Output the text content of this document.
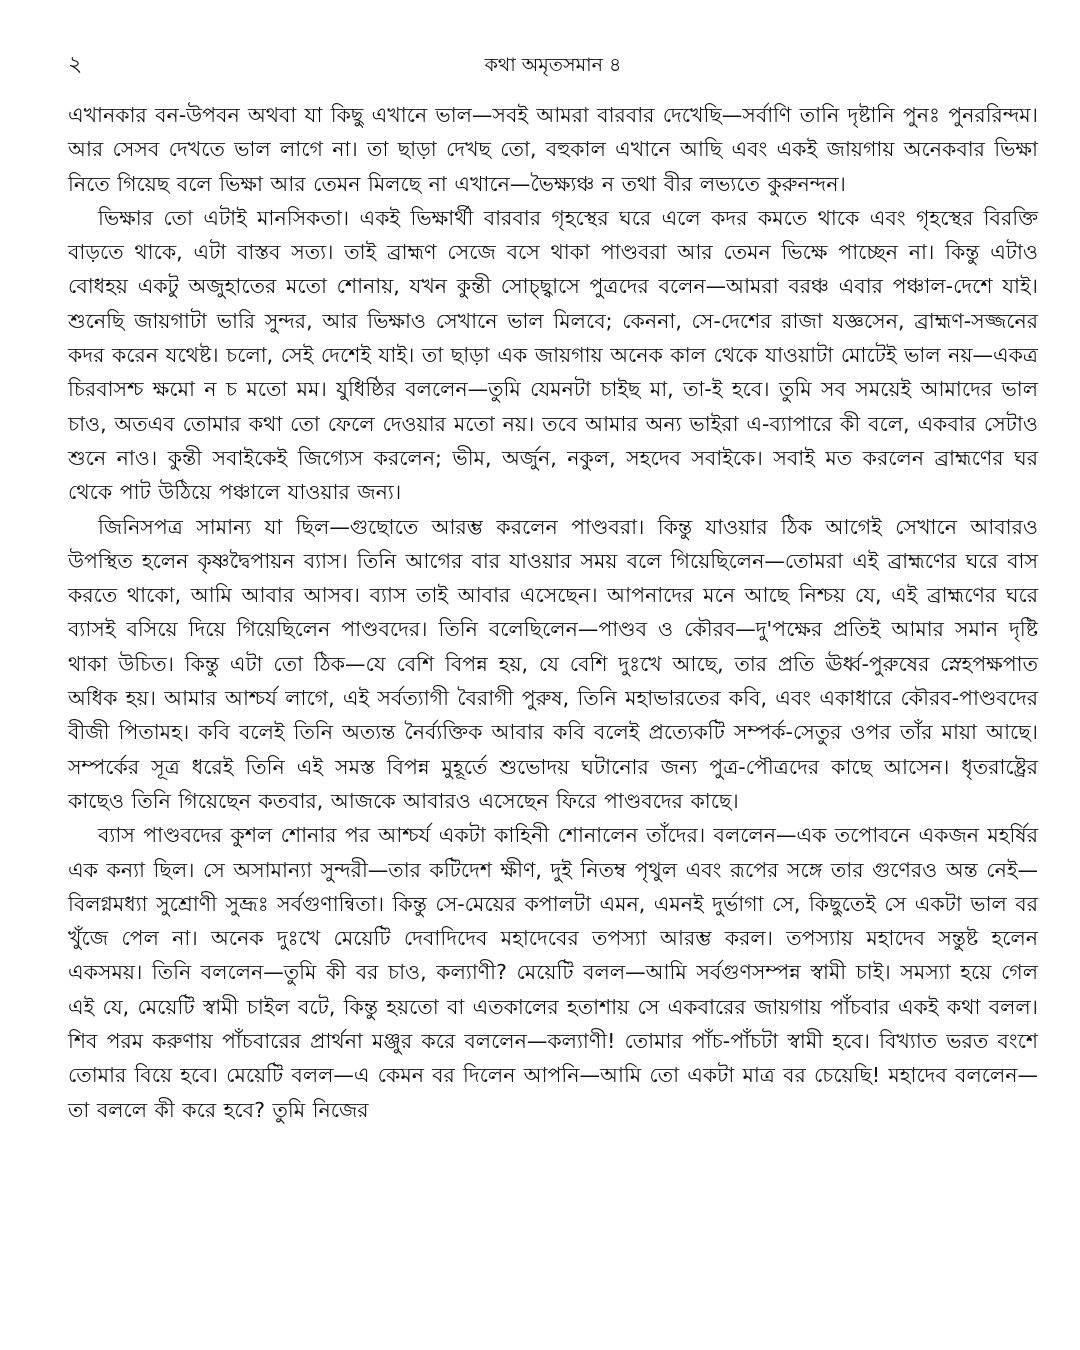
২	কথা অমৃতসমান ৪

এখানকার বন-উপবন অথবা যা কিছু এখানে ভাল—সবই আমরা বারবার দেখেছি—সর্বাণি তানি দৃষ্টানি পুনঃ পুনররিন্দম। আর সেসব দেখতে ভাল লাগে না। তা ছাড়া দেখছ তো, বহুকাল এখানে আছি এবং একই জায়গায় অনেকবার ভিক্ষা নিতে গিয়েছ বলে ভিক্ষা আর তেমন মিলছে না এখানে—ভৈক্ষ্যঞ্চ ন তথা বীর লভ্যতে কুরুনন্দন।

ভিক্ষার তো এটাই মানসিকতা। একই ভিক্ষার্থী বারবার গৃহস্থের ঘরে এলে কদর কমতে থাকে এবং গৃহস্থের বিরক্তি বাড়তে থাকে, এটা বাস্তব সত্য। তাই ব্রাহ্মণ সেজে বসে থাকা পাণ্ডবরা আর তেমন ভিক্ষে পাচ্ছেন না। কিন্তু এটাও বোধহয় একটু অজুহাতের মতো শোনায়, যখন কুন্তী সোচ্ছ্বাসে পুত্রদের বলেন—আমরা বরঞ্চ এবার পঞ্চাল-দেশে যাই। শুনেছি জায়গাটা ভারি সুন্দর, আর ভিক্ষাও সেখানে ভাল মিলবে; কেননা, সে-দেশের রাজা যজ্ঞসেন, ব্রাহ্মণ-সজ্জনের কদর করেন যথেষ্ট। চলো, সেই দেশেই যাই। তা ছাড়া এক জায়গায় অনেক কাল থেকে যাওয়াটা মোটেই ভাল নয়—একত্র চিরবাসশ্চ ক্ষমো ন চ মতো মম। যুধিষ্ঠির বললেন—তুমি যেমনটা চাইছ মা, তা-ই হবে। তুমি সব সময়েই আমাদের ভাল চাও, অতএব তোমার কথা তো ফেলে দেওয়ার মতো নয়। তবে আমার অন্য ভাইরা এ-ব্যাপারে কী বলে, একবার সেটাও শুনে নাও। কুন্তী সবাইকেই জিগ্যেস করলেন; ভীম, অর্জুন, নকুল, সহদেব সবাইকে। সবাই মত করলেন ব্রাহ্মণের ঘর থেকে পাট উঠিয়ে পঞ্চালে যাওয়ার জন্য।

জিনিসপত্র সামান্য যা ছিল—গুছোতে আরম্ভ করলেন পাণ্ডবরা। কিন্তু যাওয়ার ঠিক আগেই সেখানে আবারও উপস্থিত হলেন কৃষ্ণদ্বৈপায়ন ব্যাস। তিনি আগের বার যাওয়ার সময় বলে গিয়েছিলেন—তোমরা এই ব্রাহ্মণের ঘরে বাস করতে থাকো, আমি আবার আসব। ব্যাস তাই আবার এসেছেন। আপনাদের মনে আছে নিশ্চয় যে, এই ব্রাহ্মণের ঘরে ব্যাসই বসিয়ে দিয়ে গিয়েছিলেন পাণ্ডবদের। তিনি বলেছিলেন—পাণ্ডব ও কৌরব—দু'পক্ষের প্রতিই আমার সমান দৃষ্টি থাকা উচিত। কিন্তু এটা তো ঠিক—যে বেশি বিপন্ন হয়, যে বেশি দুঃখে আছে, তার প্রতি ঊর্ধ্ব-পুরুষের স্নেহপক্ষপাত অধিক হয়। আমার আশ্চর্য লাগে, এই সর্বত্যাগী বৈরাগী পুরুষ, তিনি মহাভারতের কবি, এবং একাধারে কৌরব-পাণ্ডবদের বীজী পিতামহ। কবি বলেই তিনি অত্যন্ত নৈর্ব্যক্তিক আবার কবি বলেই প্রত্যেকটি সম্পর্ক-সেতুর ওপর তাঁর মায়া আছে। সম্পর্কের সূত্র ধরেই তিনি এই সমস্ত বিপন্ন মুহূর্তে শুভোদয় ঘটানোর জন্য পুত্র-পৌত্রদের কাছে আসেন। ধৃতরাষ্ট্রের কাছেও তিনি গিয়েছেন কতবার, আজকে আবারও এসেছেন ফিরে পাণ্ডবদের কাছে।

ব্যাস পাণ্ডবদের কুশল শোনার পর আশ্চর্য একটা কাহিনী শোনালেন তাঁদের। বললেন—এক তপোবনে একজন মহর্ষির এক কন্যা ছিল। সে অসামান্যা সুন্দরী—তার কটিদেশ ক্ষীণ, দুই নিতম্ব পৃথুল এবং রূপের সঙ্গে তার গুণেরও অন্ত নেই—বিলগ্নমধ্যা সুশ্রোণী সুভ্রূঃ সর্বগুণান্বিতা। কিন্তু সে-মেয়ের কপালটা এমন, এমনই দুর্ভাগা সে, কিছুতেই সে একটা ভাল বর খুঁজে পেল না। অনেক দুঃখে মেয়েটি দেবাদিদেব মহাদেবের তপস্যা আরম্ভ করল। তপস্যায় মহাদেব সন্তুষ্ট হলেন একসময়। তিনি বললেন—তুমি কী বর চাও, কল্যাণী? মেয়েটি বলল—আমি সর্বগুণসম্পন্ন স্বামী চাই। সমস্যা হয়ে গেল এই যে, মেয়েটি স্বামী চাইল বটে, কিন্তু হয়তো বা এতকালের হতাশায় সে একবারের জায়গায় পাঁচবার একই কথা বলল। শিব পরম করুণায় পাঁচবারের প্রার্থনা মঞ্জুর করে বললেন—কল্যাণী! তোমার পাঁচ-পাঁচটা স্বামী হবে। বিখ্যাত ভরত বংশে তোমার বিয়ে হবে। মেয়েটি বলল—এ কেমন বর দিলেন আপনি—আমি তো একটা মাত্র বর চেয়েছি! মহাদেব বললেন—তা বললে কী করে হবে? তুমি নিজের
